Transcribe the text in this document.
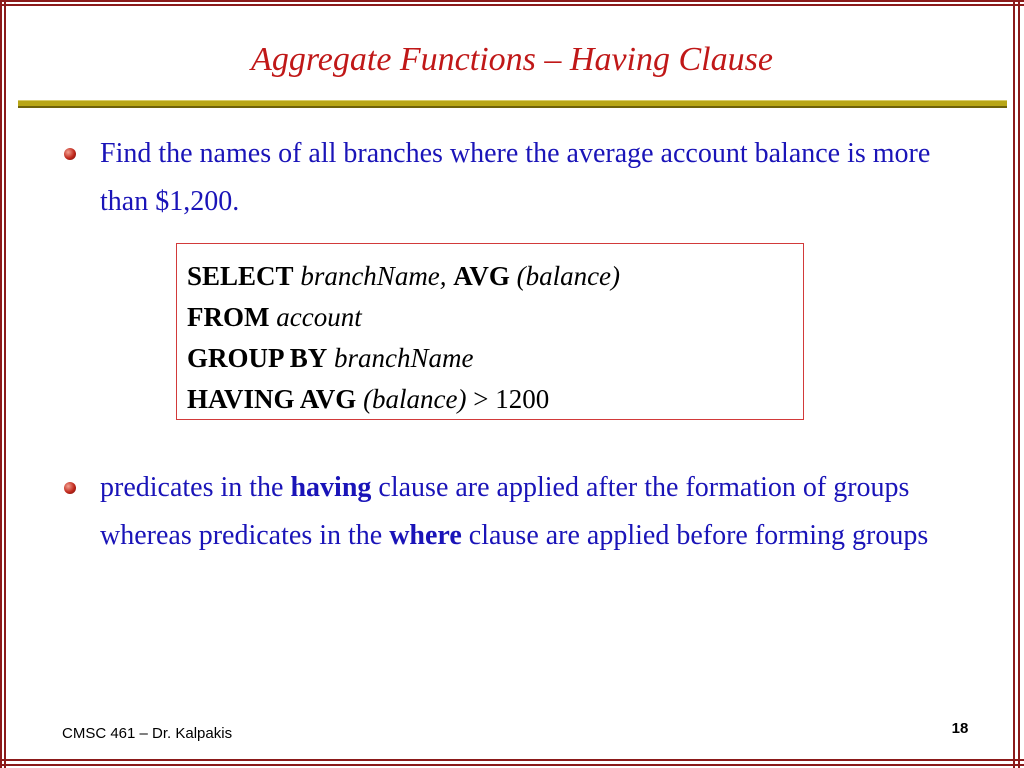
Aggregate Functions – Having Clause
Find the names of all branches where the average account balance is more than $1,200.
SELECT branchName, AVG (balance)
FROM account
GROUP BY branchName
HAVING AVG (balance) > 1200
predicates in the having clause are applied after the formation of groups whereas predicates in the where clause are applied before forming groups
CMSC 461 – Dr. Kalpakis	18
